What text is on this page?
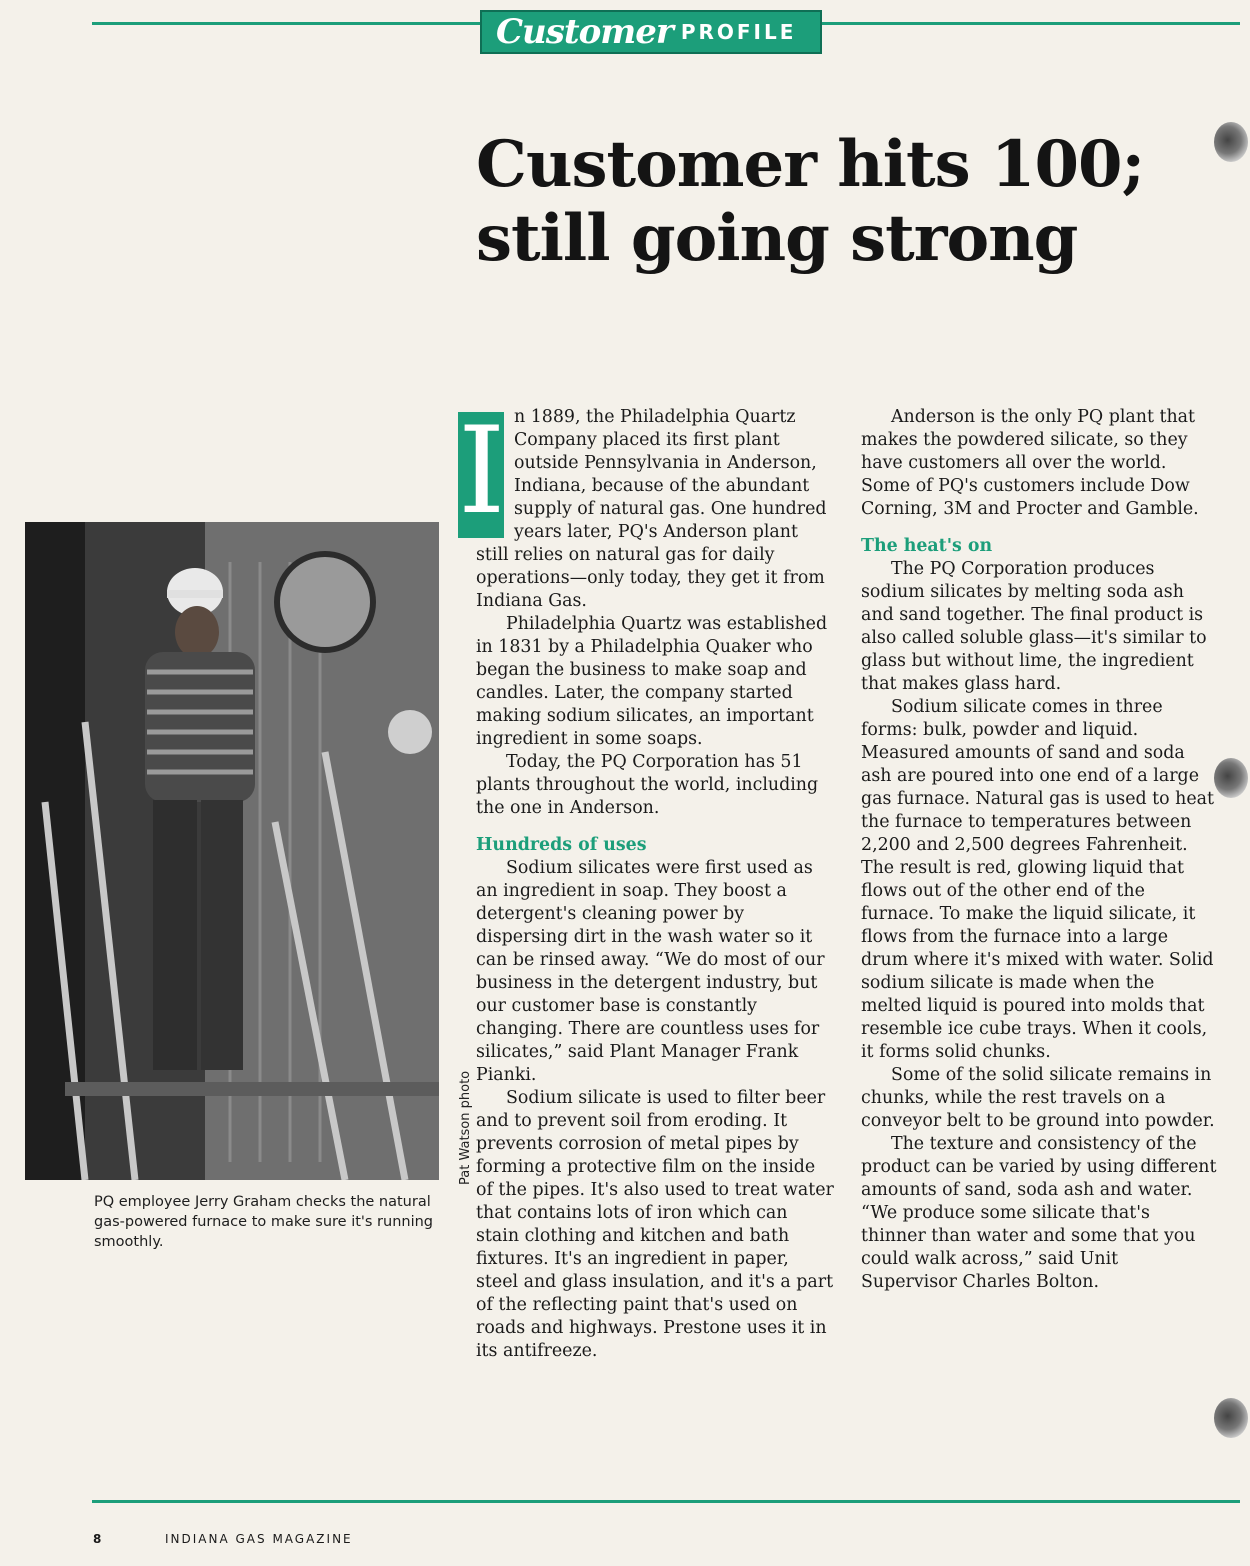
Customer PROFILE
Customer hits 100; still going strong
Pat Watson photo

PQ employee Jerry Graham checks the natural gas-powered furnace to make sure it's running smoothly.

I n 1889, the Philadelphia Quartz Company placed its first plant outside Pennsylvania in Anderson, Indiana, because of the abundant supply of natural gas. One hundred years later, PQ's Anderson plant still relies on natural gas for daily operations—only today, they get it from Indiana Gas.

Philadelphia Quartz was established in 1831 by a Philadelphia Quaker who began the business to make soap and candles. Later, the company started making sodium silicates, an important ingredient in some soaps.

Today, the PQ Corporation has 51 plants throughout the world, including the one in Anderson.

Hundreds of uses

Sodium silicates were first used as an ingredient in soap. They boost a detergent's cleaning power by dispersing dirt in the wash water so it can be rinsed away. “We do most of our business in the detergent industry, but our customer base is constantly changing. There are countless uses for silicates,” said Plant Manager Frank Pianki.

Sodium silicate is used to filter beer and to prevent soil from eroding. It prevents corrosion of metal pipes by forming a protective film on the inside of the pipes. It's also used to treat water that contains lots of iron which can stain clothing and kitchen and bath fixtures. It's an ingredient in paper, steel and glass insulation, and it's a part of the reflecting paint that's used on roads and highways. Prestone uses it in its antifreeze.

Anderson is the only PQ plant that makes the powdered silicate, so they have customers all over the world. Some of PQ's customers include Dow Corning, 3M and Procter and Gamble.

The heat's on

The PQ Corporation produces sodium silicates by melting soda ash and sand together. The final product is also called soluble glass—it's similar to glass but without lime, the ingredient that makes glass hard.

Sodium silicate comes in three forms: bulk, powder and liquid. Measured amounts of sand and soda ash are poured into one end of a large gas furnace. Natural gas is used to heat the furnace to temperatures between 2,200 and 2,500 degrees Fahrenheit. The result is red, glowing liquid that flows out of the other end of the furnace. To make the liquid silicate, it flows from the furnace into a large drum where it's mixed with water. Solid sodium silicate is made when the melted liquid is poured into molds that resemble ice cube trays. When it cools, it forms solid chunks.

Some of the solid silicate remains in chunks, while the rest travels on a conveyor belt to be ground into powder.

The texture and consistency of the product can be varied by using different amounts of sand, soda ash and water. “We produce some silicate that's thinner than water and some that you could walk across,” said Unit Supervisor Charles Bolton.

8	INDIANA GAS MAGAZINE
